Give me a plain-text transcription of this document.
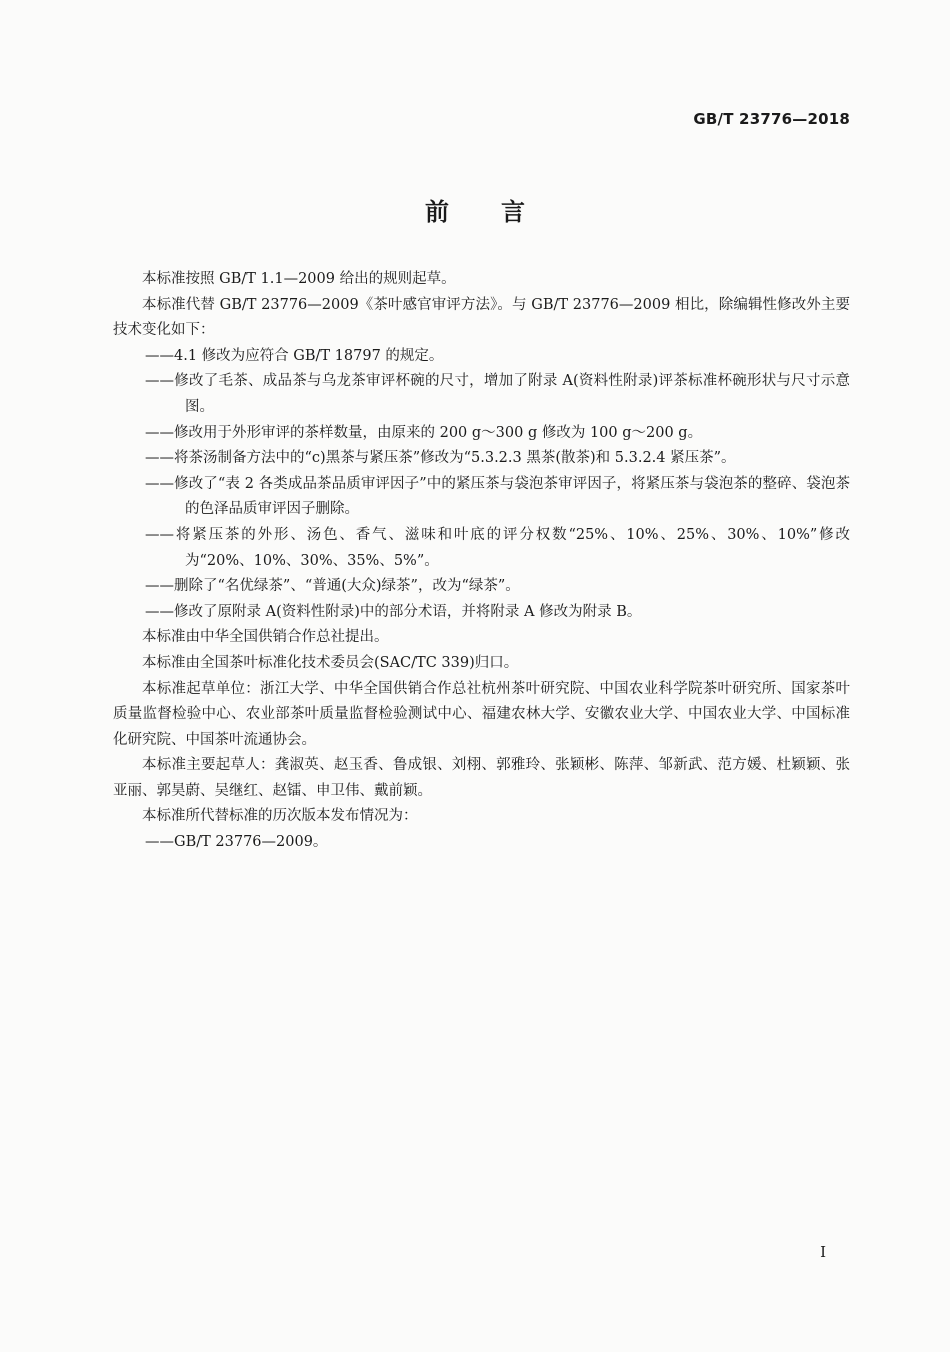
GB/T 23776—2018
前 言

本标准按照 GB/T 1.1—2009 给出的规则起草。

本标准代替 GB/T 23776—2009《茶叶感官审评方法》。与 GB/T 23776—2009 相比，除编辑性修改外主要技术变化如下：

——4.1 修改为应符合 GB/T 18797 的规定。

——修改了毛茶、成品茶与乌龙茶审评杯碗的尺寸，增加了附录 A(资料性附录)评茶标准杯碗形状与尺寸示意图。

——修改用于外形审评的茶样数量，由原来的 200 g～300 g 修改为 100 g～200 g。

——将茶汤制备方法中的“c)黑茶与紧压茶”修改为“5.3.2.3 黑茶(散茶)和 5.3.2.4 紧压茶”。

——修改了“表 2 各类成品茶品质审评因子”中的紧压茶与袋泡茶审评因子，将紧压茶与袋泡茶的整碎、袋泡茶的色泽品质审评因子删除。

——将紧压茶的外形、汤色、香气、滋味和叶底的评分权数“25%、10%、25%、30%、10%”修改为“20%、10%、30%、35%、5%”。

——删除了“名优绿茶”、“普通(大众)绿茶”，改为“绿茶”。

——修改了原附录 A(资料性附录)中的部分术语，并将附录 A 修改为附录 B。

本标准由中华全国供销合作总社提出。

本标准由全国茶叶标准化技术委员会(SAC/TC 339)归口。

本标准起草单位：浙江大学、中华全国供销合作总社杭州茶叶研究院、中国农业科学院茶叶研究所、国家茶叶质量监督检验中心、农业部茶叶质量监督检验测试中心、福建农林大学、安徽农业大学、中国农业大学、中国标准化研究院、中国茶叶流通协会。

本标准主要起草人：龚淑英、赵玉香、鲁成银、刘栩、郭雅玲、张颖彬、陈萍、邹新武、范方媛、杜颖颖、张亚丽、郭昊蔚、吴继红、赵镭、申卫伟、戴前颖。

本标准所代替标准的历次版本发布情况为：

——GB/T 23776—2009。

I
